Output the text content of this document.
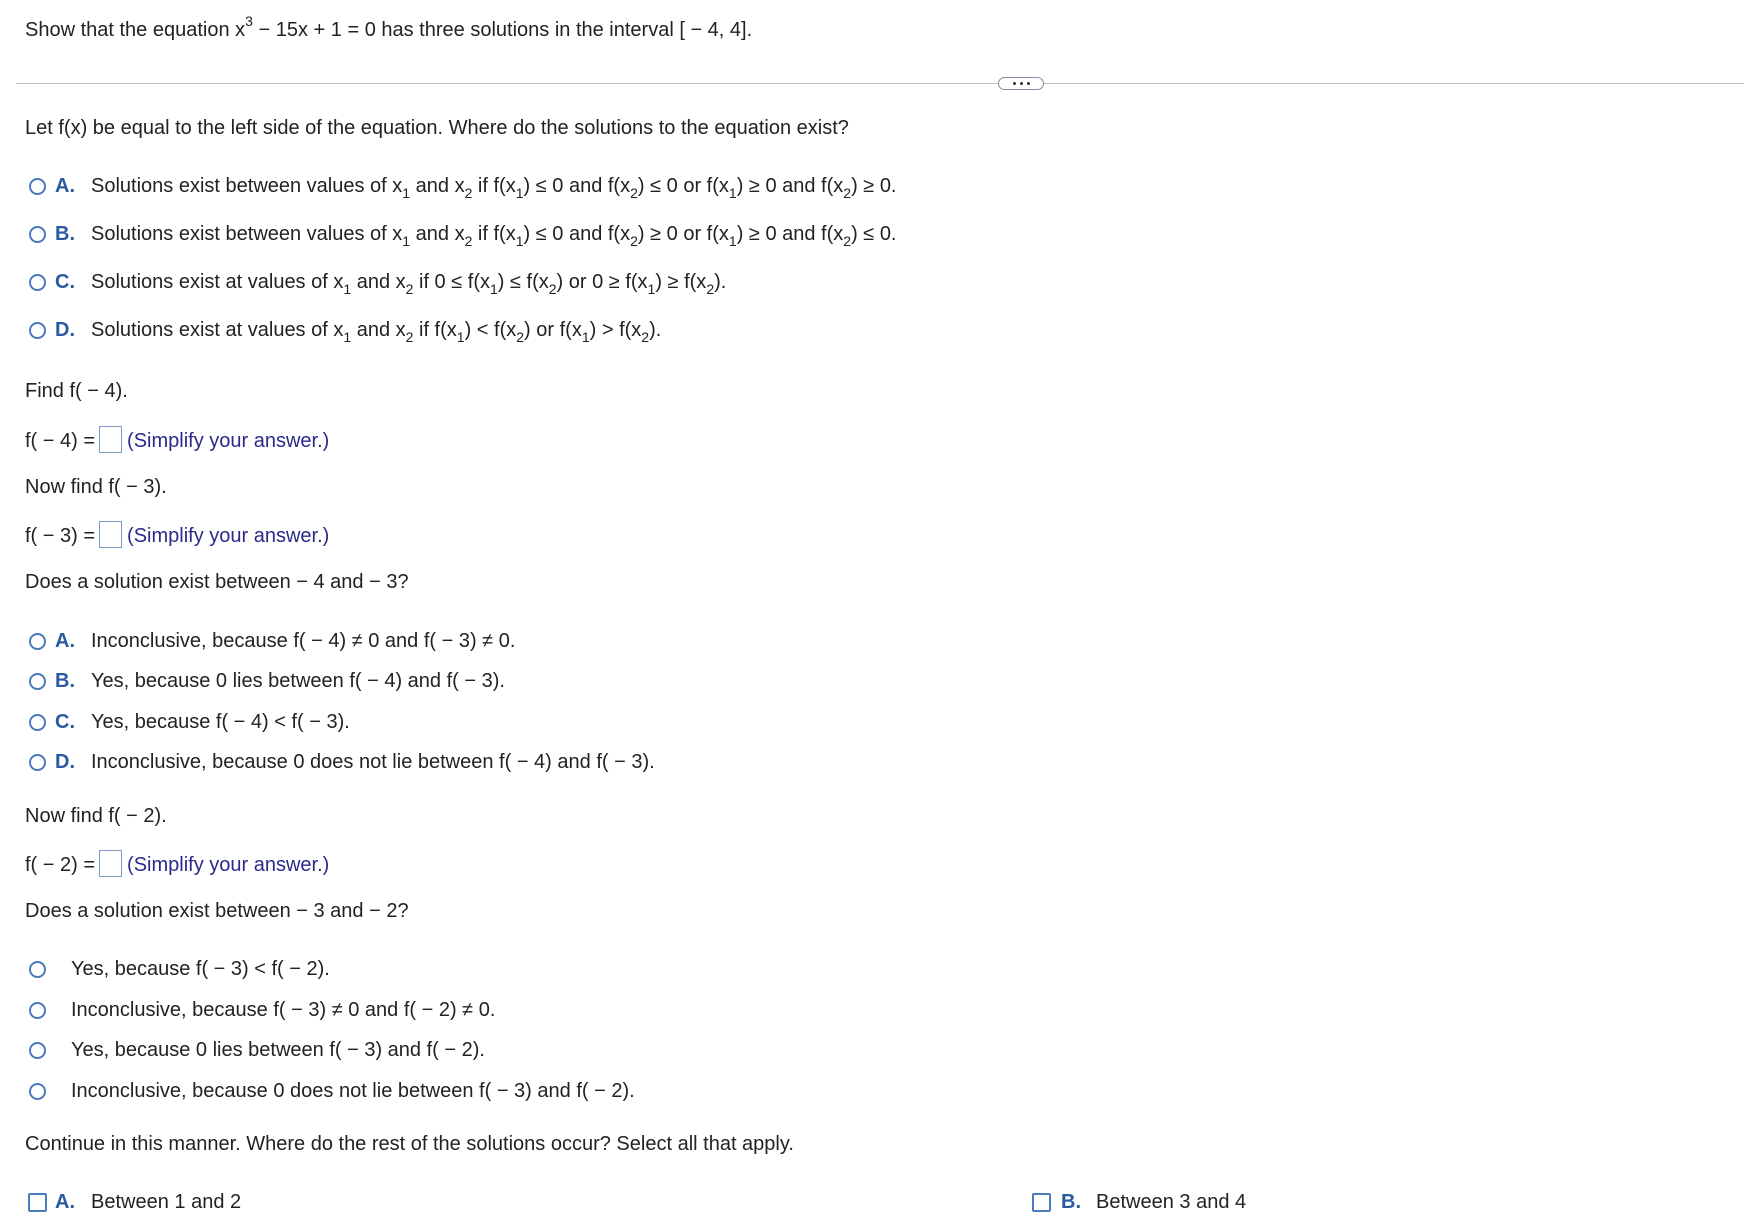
Show that the equation $x^3 - 15x + 1 = 0$ has three solutions in the interval [ − 4, 4].
Let f(x) be equal to the left side of the equation. Where do the solutions to the equation exist?
A. Solutions exist between values of $x_1$ and $x_2$ if $f(x_1) \le 0$ and $f(x_2) \le 0$ or $f(x_1) \ge 0$ and $f(x_2) \ge 0$.
B. Solutions exist between values of $x_1$ and $x_2$ if $f(x_1) \le 0$ and $f(x_2) \ge 0$ or $f(x_1) \ge 0$ and $f(x_2) \le 0$.
C. Solutions exist at values of $x_1$ and $x_2$ if $0 \le f(x_1) \le f(x_2)$ or $0 \ge f(x_1) \ge f(x_2)$.
D. Solutions exist at values of $x_1$ and $x_2$ if $f(x_1) < f(x_2)$ or $f(x_1) > f(x_2)$.
Find f( − 4).
f( − 4) = (Simplify your answer.)
Now find f( − 3).
f( − 3) = (Simplify your answer.)
Does a solution exist between − 4 and − 3?
A. Inconclusive, because f( − 4) ≠ 0 and f( − 3) ≠ 0.
B. Yes, because 0 lies between f( − 4) and f( − 3).
C. Yes, because f( − 4) < f( − 3).
D. Inconclusive, because 0 does not lie between f( − 4) and f( − 3).
Now find f( − 2).
f( − 2) = (Simplify your answer.)
Does a solution exist between − 3 and − 2?
Yes, because f( − 3) < f( − 2).
Inconclusive, because f( − 3) ≠ 0 and f( − 2) ≠ 0.
Yes, because 0 lies between f( − 3) and f( − 2).
Inconclusive, because 0 does not lie between f( − 3) and f( − 2).
Continue in this manner. Where do the rest of the solutions occur? Select all that apply.
A. Between 1 and 2	B. Between 3 and 4
